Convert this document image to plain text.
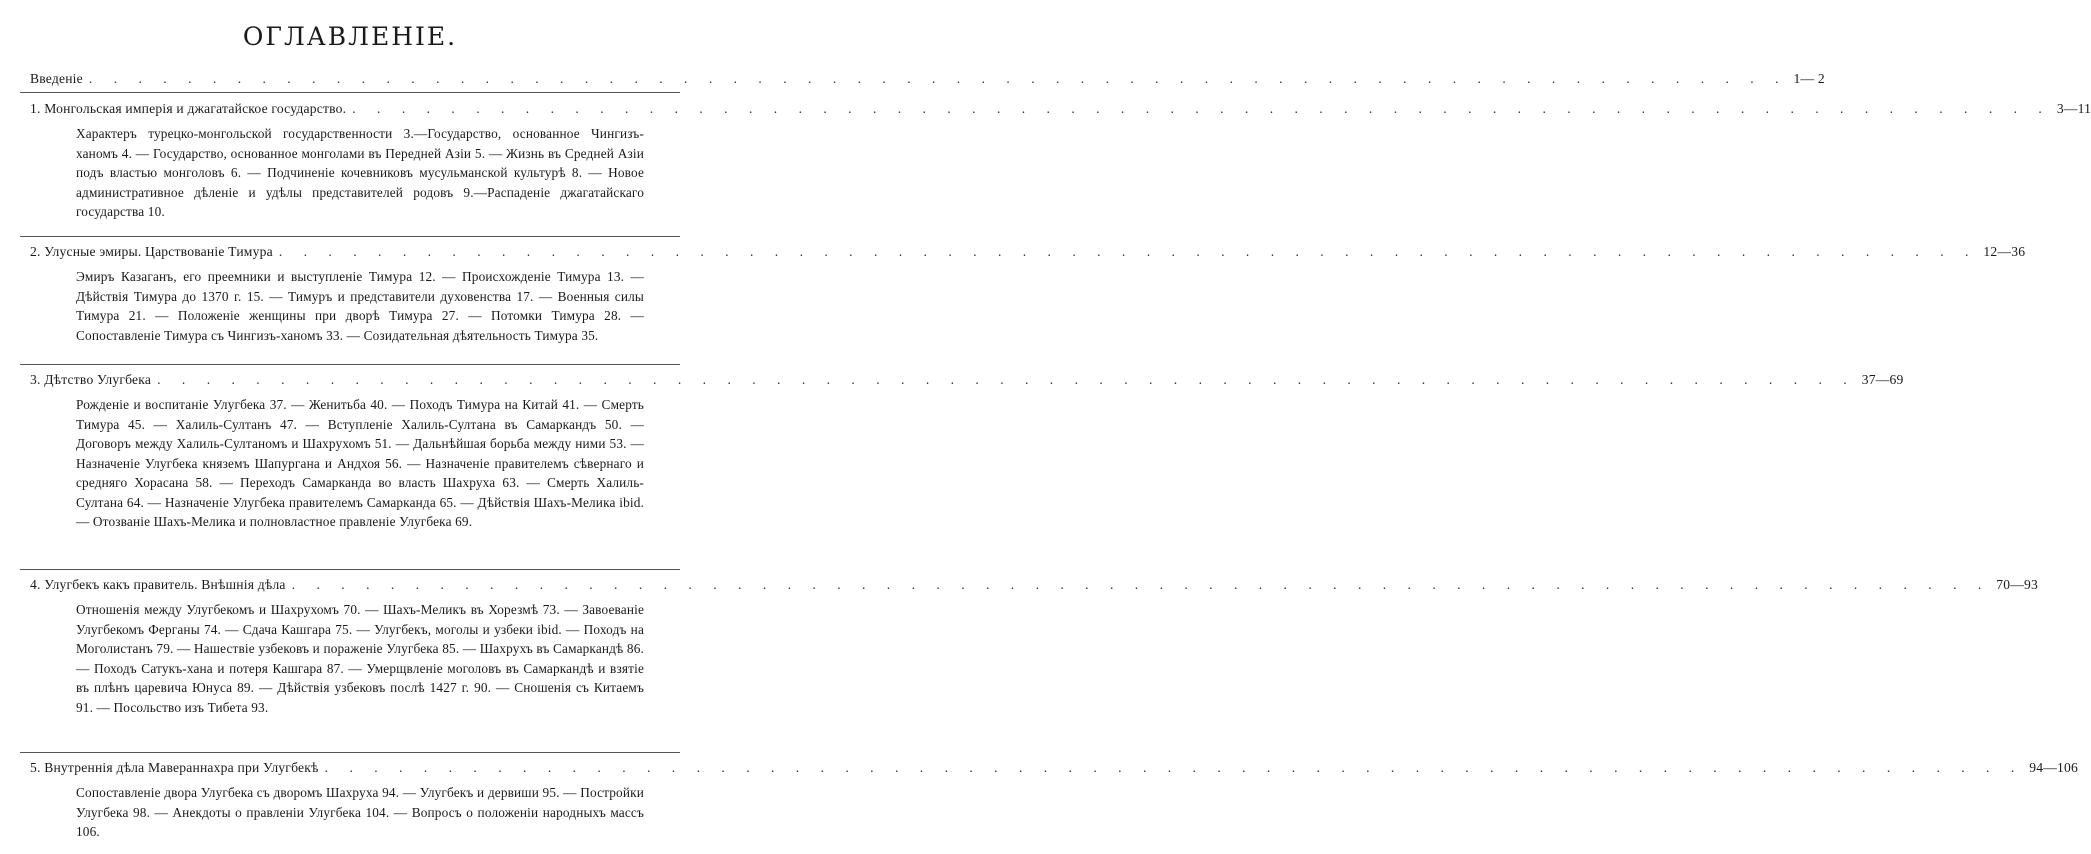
ОГЛАВЛЕНІЕ.
Введеніе . . . . . . . . . . . . . . . . . . . . . . . . . . . . . . . . . . . . . . . . . . . . . . . . . . . . . . . . . . . . . . . . . . . . . 1— 2
1. Монгольская имперія и джагатайское государство. . . . . . . . . . . . . . . . . . . . . . . . . . . . . . . . . . . . . . . . . . . . . . . . . . . . . . . . . . . . . . . . . . . . . . 3—11
Характеръ турецко-монгольской государственности 3.—Государство, основанное Чингизъ-ханомъ 4. — Государство, основанное монголами въ Передней Азіи 5. — Жизнь въ Средней Азіи подъ властью монголовъ 6. — Подчиненіе кочевниковъ мусульманской культурѣ 8. — Новое административное дѣленіе и удѣлы представителей родовъ 9.—Распаденіе джагатайскаго государства 10.
2. Улусные эмиры. Царствованіе Тимура . . . . . . . . . . . . . . . . . . . . . . . . . . . . . . . . . . . . . . . . . . . . . . . . . . . . . . . . . . . . . . . . . . . . . 12—36
Эмиръ Казаганъ, его преемники и выступленіе Тимура 12. — Происхожденіе Тимура 13. — Дѣйствія Тимура до 1370 г. 15. — Тимуръ и представители духовенства 17. — Военныя силы Тимура 21. — Положеніе женщины при дворѣ Тимура 27. — Потомки Тимура 28. — Сопоставленіе Тимура съ Чингизъ-ханомъ 33. — Созидательная дѣятельность Тимура 35.
3. Дѣтство Улугбека . . . . . . . . . . . . . . . . . . . . . . . . . . . . . . . . . . . . . . . . . . . . . . . . . . . . . . . . . . . . . . . . . . . . . 37—69
Рожденіе и воспитаніе Улугбека 37. — Женитьба 40. — Походъ Тимура на Китай 41. — Смерть Тимура 45. — Халиль-Султанъ 47. — Вступленіе Халиль-Султана въ Самаркандъ 50. — Договоръ между Халиль-Султаномъ и Шахрухомъ 51. — Дальнѣйшая борьба между ними 53. — Назначеніе Улугбека княземъ Шапургана и Андхоя 56. — Назначеніе правителемъ сѣвернаго и средняго Хорасана 58. — Переходъ Самарканда во власть Шахруха 63. — Смерть Халиль-Султана 64. — Назначеніе Улугбека правителемъ Самарканда 65. — Дѣйствія Шахъ-Мелика ibid. — Отозваніе Шахъ-Мелика и полновластное правленіе Улугбека 69.
4. Улугбекъ какъ правитель. Внѣшнія дѣла . . . . . . . . . . . . . . . . . . . . . . . . . . . . . . . . . . . . . . . . . . . . . . . . . . . . . . . . . . . . . . . . . . . . . 70—93
Отношенія между Улугбекомъ и Шахрухомъ 70. — Шахъ-Меликъ въ Хорезмѣ 73. — Завоеваніе Улугбекомъ Ферганы 74. — Сдача Кашгара 75. — Улугбекъ, моголы и узбеки ibid. — Походъ на Моголистанъ 79. — Нашествіе узбековъ и пораженіе Улугбека 85. — Шахрухъ въ Самаркандѣ 86. — Походъ Сатукъ-хана и потеря Кашгара 87. — Умерщвленіе моголовъ въ Самаркандѣ и взятіе въ плѣнъ царевича Юнуса 89. — Дѣйствія узбековъ послѣ 1427 г. 90. — Сношенія съ Китаемъ 91. — Посольство изъ Тибета 93.
5. Внутреннія дѣла Мавераннахра при Улугбекѣ . . . . . . . . . . . . . . . . . . . . . . . . . . . . . . . . . . . . . . . . . . . . . . . . . . . . . . . . . . . . . . . . . . . . . 94—106
Сопоставленіе двора Улугбека съ дворомъ Шахруха 94. — Улугбекъ и дервиши 95. — Постройки Улугбека 98. — Анекдоты о правленіи Улугбека 104. — Вопросъ о положеніи народныхъ массъ 106.
